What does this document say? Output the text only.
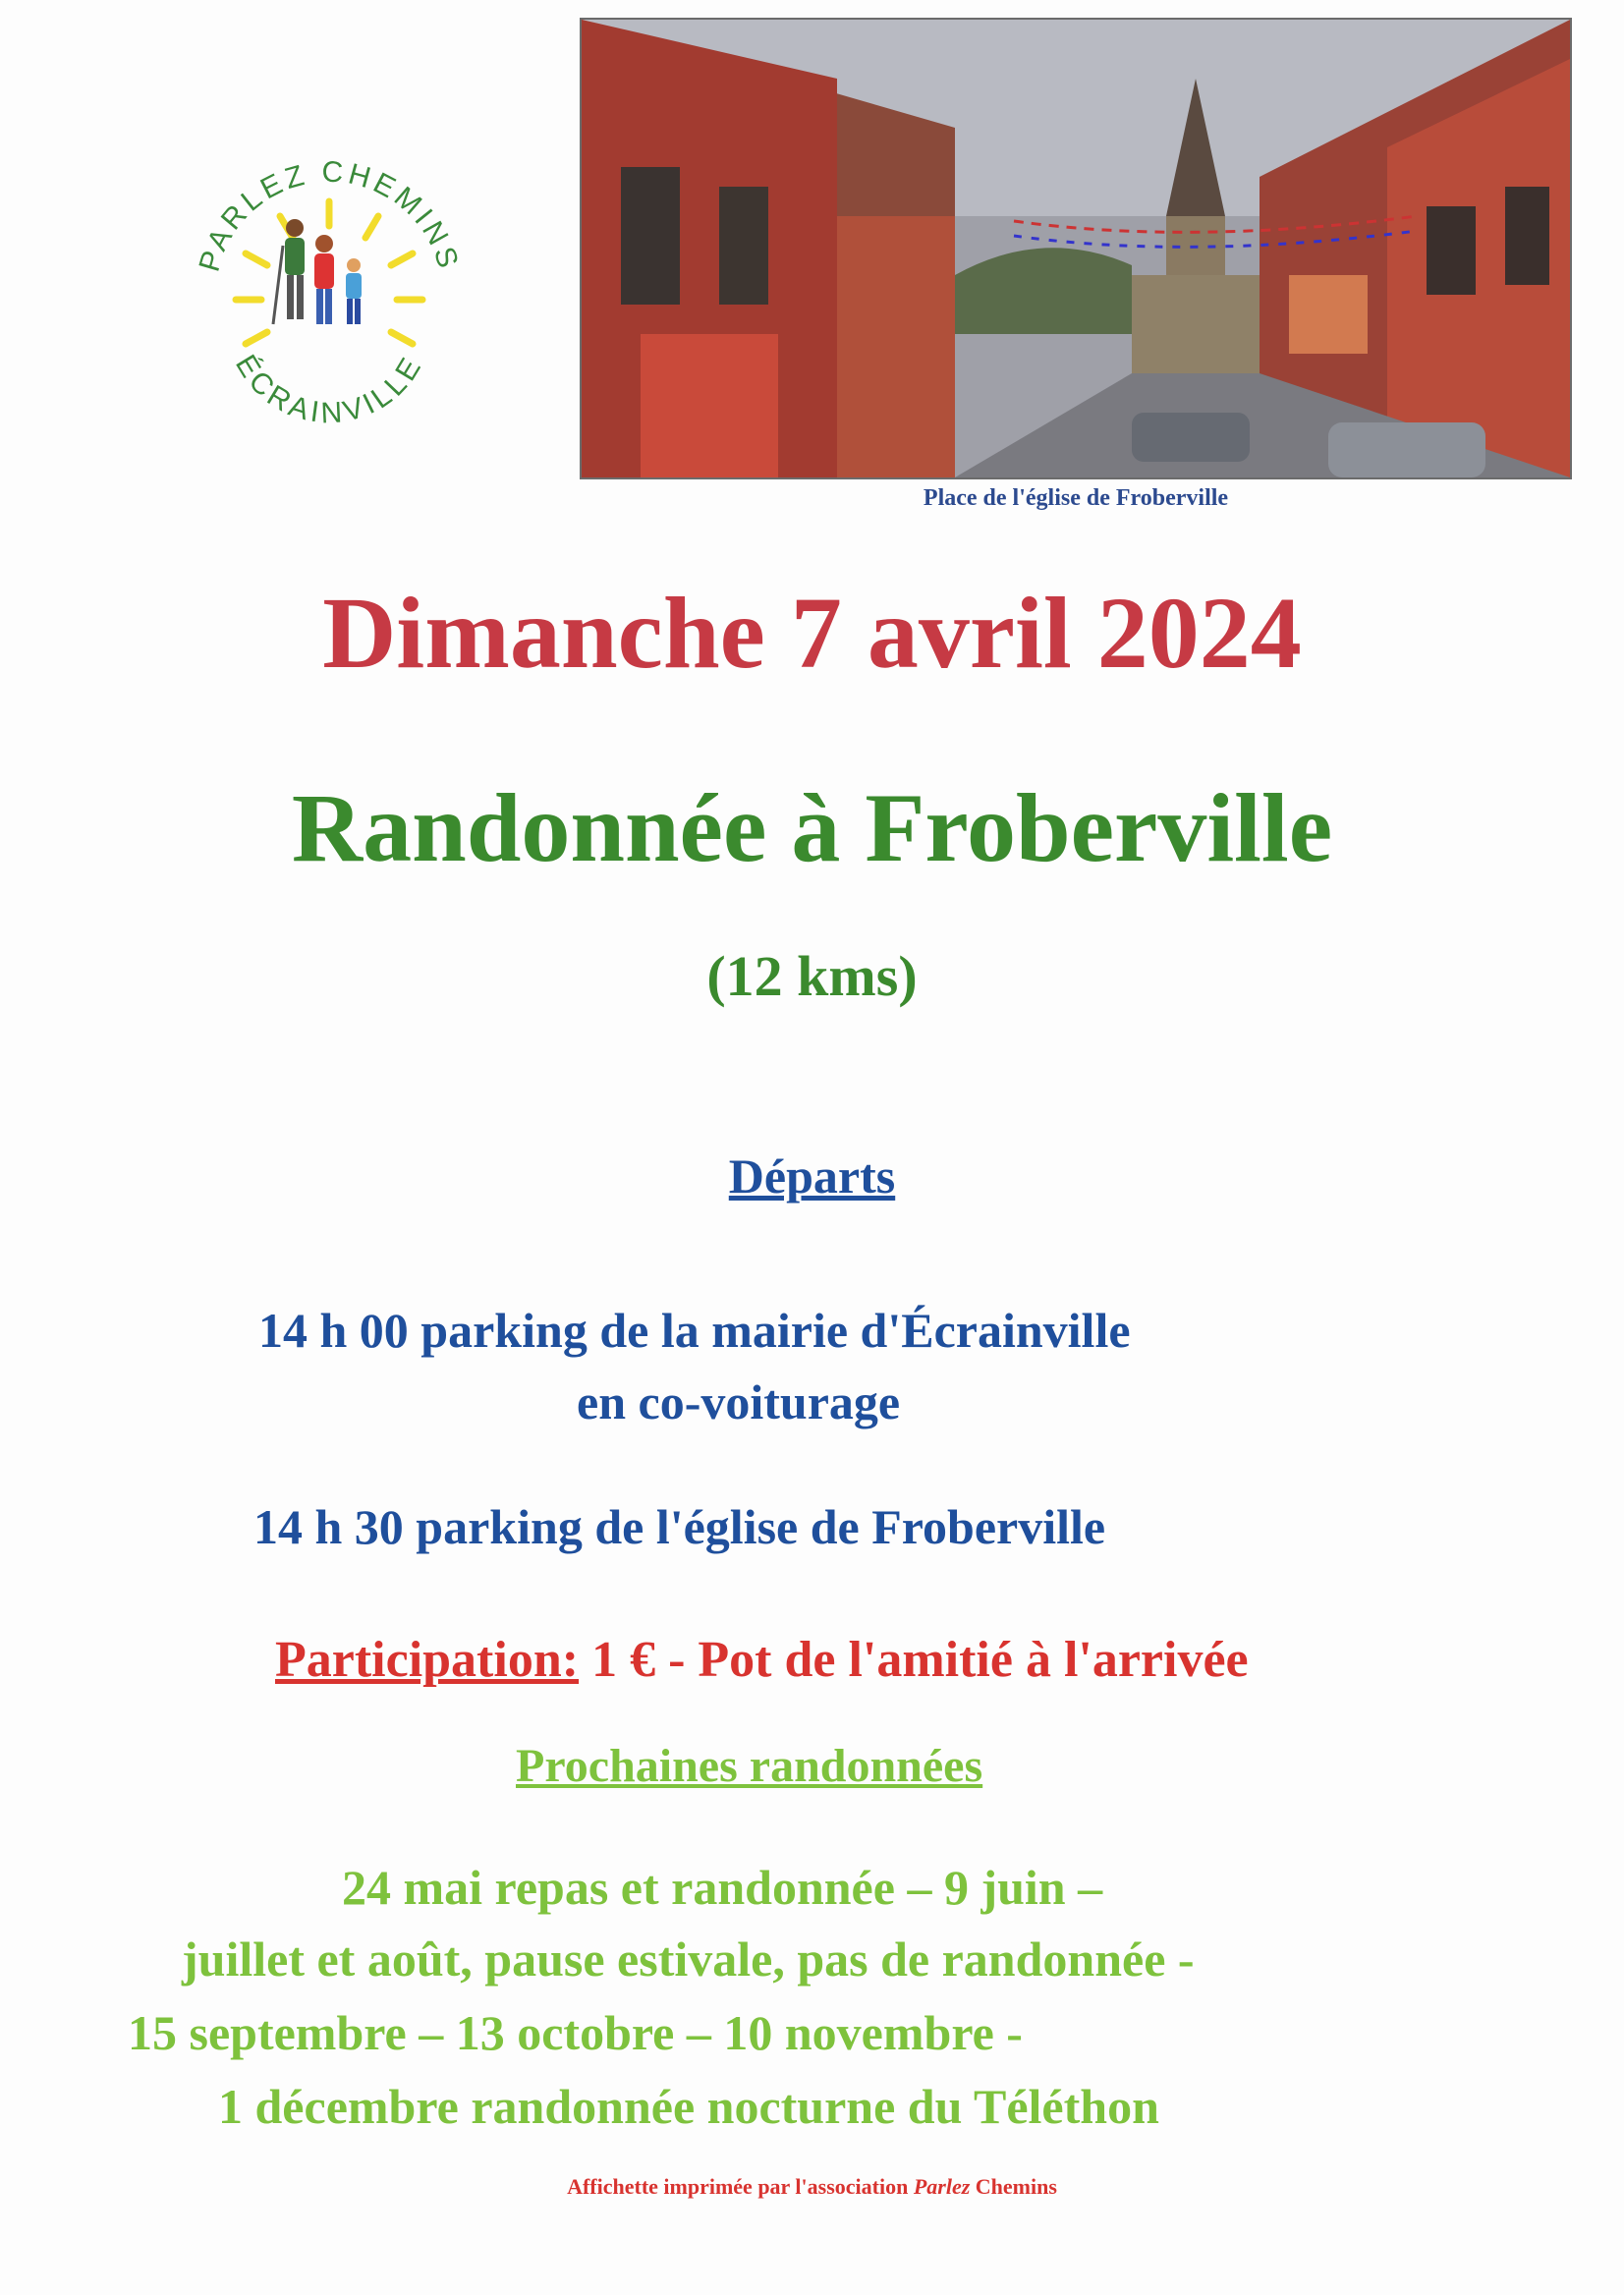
PARLEZ CHEMINS
ÉCRAINVILLE
Place de l'église de Froberville
Dimanche 7 avril 2024
Randonnée à Froberville
(12 kms)
Départs
14 h 00 parking de la mairie d'Écrainville
en co-voiturage
14 h 30 parking de l'église de Froberville
Participation: 1 € - Pot de l'amitié à l'arrivée
Prochaines randonnées
24 mai repas et randonnée – 9 juin –
juillet et août, pause estivale, pas de randonnée -
15 septembre – 13 octobre – 10 novembre -
1 décembre randonnée nocturne du Téléthon
Affichette imprimée par l'association Parlez Chemins
